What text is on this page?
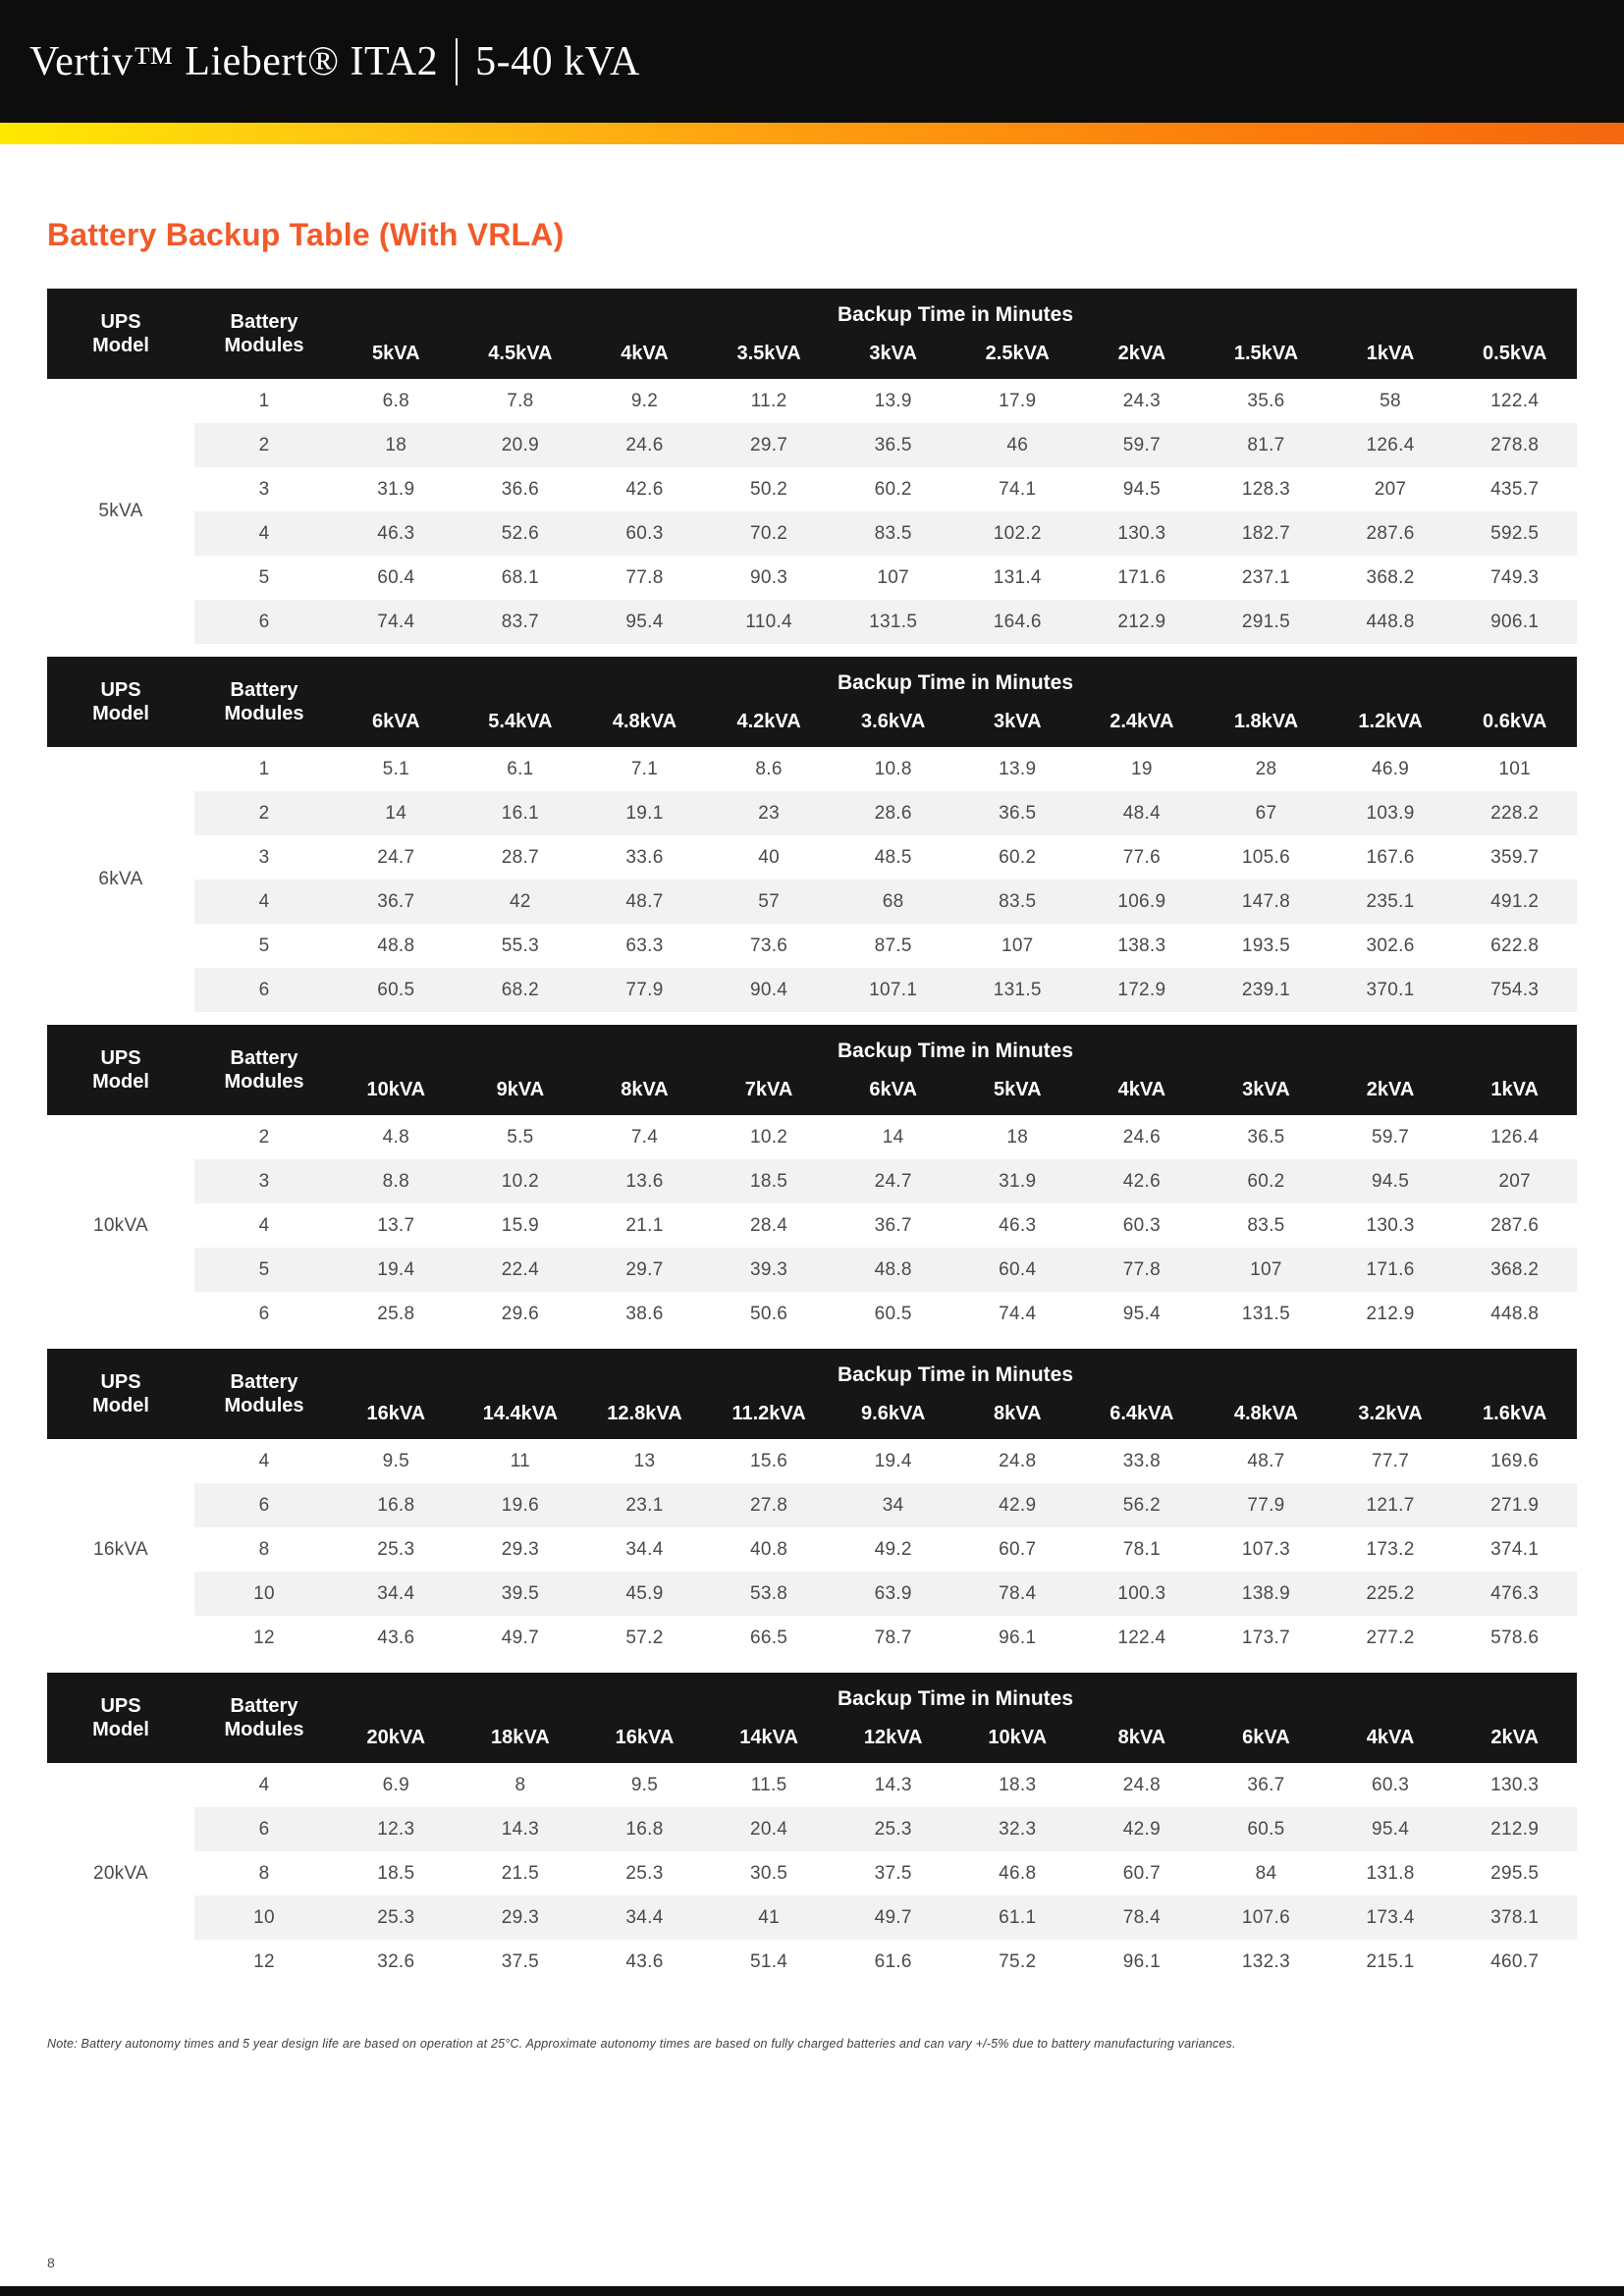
Vertiv™ Liebert® ITA2 5-40 kVA
Battery Backup Table (With VRLA)
UPS Model	Battery Modules	Backup Time in Minutes									
		5kVA	4.5kVA	4kVA	3.5kVA	3kVA	2.5kVA	2kVA	1.5kVA	1kVA	0.5kVA
5kVA	1	6.8	7.8	9.2	11.2	13.9	17.9	24.3	35.6	58	122.4
	2	18	20.9	24.6	29.7	36.5	46	59.7	81.7	126.4	278.8
	3	31.9	36.6	42.6	50.2	60.2	74.1	94.5	128.3	207	435.7
	4	46.3	52.6	60.3	70.2	83.5	102.2	130.3	182.7	287.6	592.5
	5	60.4	68.1	77.8	90.3	107	131.4	171.6	237.1	368.2	749.3
	6	74.4	83.7	95.4	110.4	131.5	164.6	212.9	291.5	448.8	906.1
UPS Model	Battery Modules	Backup Time in Minutes									
		6kVA	5.4kVA	4.8kVA	4.2kVA	3.6kVA	3kVA	2.4kVA	1.8kVA	1.2kVA	0.6kVA
6kVA	1	5.1	6.1	7.1	8.6	10.8	13.9	19	28	46.9	101
	2	14	16.1	19.1	23	28.6	36.5	48.4	67	103.9	228.2
	3	24.7	28.7	33.6	40	48.5	60.2	77.6	105.6	167.6	359.7
	4	36.7	42	48.7	57	68	83.5	106.9	147.8	235.1	491.2
	5	48.8	55.3	63.3	73.6	87.5	107	138.3	193.5	302.6	622.8
	6	60.5	68.2	77.9	90.4	107.1	131.5	172.9	239.1	370.1	754.3
UPS Model	Battery Modules	Backup Time in Minutes									
		10kVA	9kVA	8kVA	7kVA	6kVA	5kVA	4kVA	3kVA	2kVA	1kVA
10kVA	2	4.8	5.5	7.4	10.2	14	18	24.6	36.5	59.7	126.4
	3	8.8	10.2	13.6	18.5	24.7	31.9	42.6	60.2	94.5	207
	4	13.7	15.9	21.1	28.4	36.7	46.3	60.3	83.5	130.3	287.6
	5	19.4	22.4	29.7	39.3	48.8	60.4	77.8	107	171.6	368.2
	6	25.8	29.6	38.6	50.6	60.5	74.4	95.4	131.5	212.9	448.8
UPS Model	Battery Modules	Backup Time in Minutes									
		16kVA	14.4kVA	12.8kVA	11.2kVA	9.6kVA	8kVA	6.4kVA	4.8kVA	3.2kVA	1.6kVA
16kVA	4	9.5	11	13	15.6	19.4	24.8	33.8	48.7	77.7	169.6
	6	16.8	19.6	23.1	27.8	34	42.9	56.2	77.9	121.7	271.9
	8	25.3	29.3	34.4	40.8	49.2	60.7	78.1	107.3	173.2	374.1
	10	34.4	39.5	45.9	53.8	63.9	78.4	100.3	138.9	225.2	476.3
	12	43.6	49.7	57.2	66.5	78.7	96.1	122.4	173.7	277.2	578.6
UPS Model	Battery Modules	Backup Time in Minutes									
		20kVA	18kVA	16kVA	14kVA	12kVA	10kVA	8kVA	6kVA	4kVA	2kVA
20kVA	4	6.9	8	9.5	11.5	14.3	18.3	24.8	36.7	60.3	130.3
	6	12.3	14.3	16.8	20.4	25.3	32.3	42.9	60.5	95.4	212.9
	8	18.5	21.5	25.3	30.5	37.5	46.8	60.7	84	131.8	295.5
	10	25.3	29.3	34.4	41	49.7	61.1	78.4	107.6	173.4	378.1
	12	32.6	37.5	43.6	51.4	61.6	75.2	96.1	132.3	215.1	460.7

Note: Battery autonomy times and 5 year design life are based on operation at 25°C. Approximate autonomy times are based on fully charged batteries and can vary +/-5% due to battery manufacturing variances.

8
